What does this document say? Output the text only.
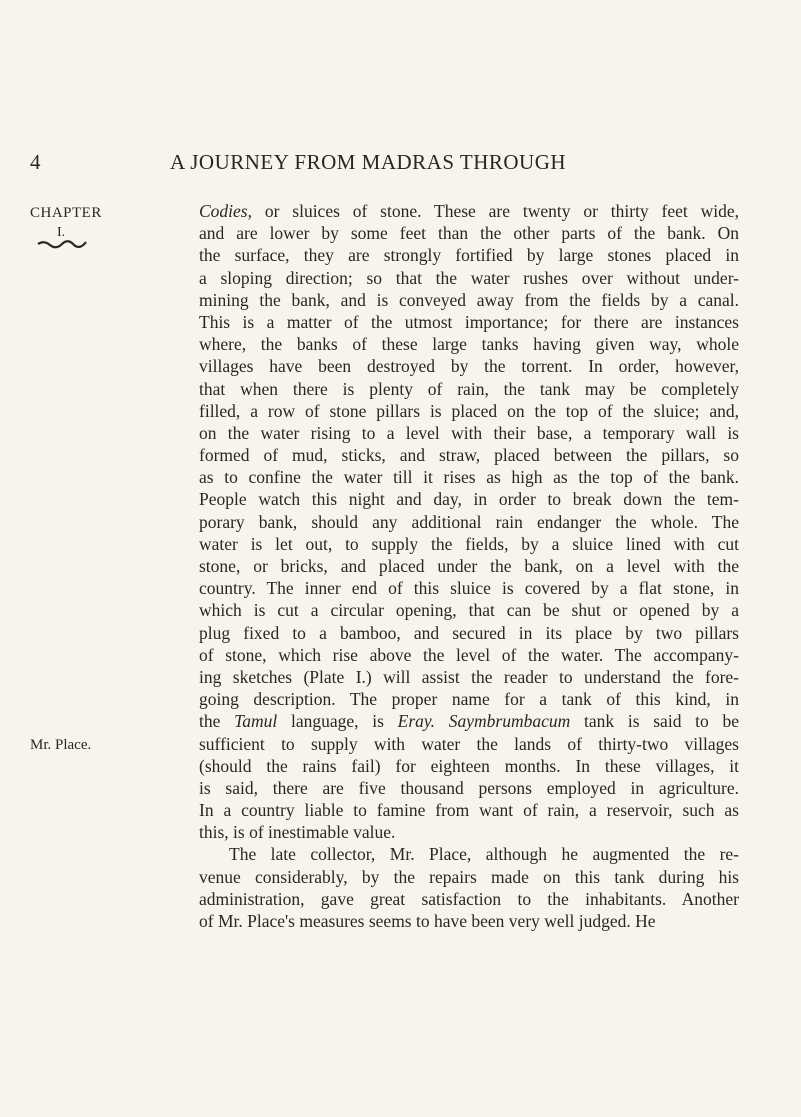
4	A JOURNEY FROM MADRAS THROUGH
CHAPTER
I.
Mr. Place.
Codies, or sluices of stone. These are twenty or thirty feet wide,
and are lower by some feet than the other parts of the bank. On
the surface, they are strongly fortified by large stones placed in
a sloping direction; so that the water rushes over without under-
mining the bank, and is conveyed away from the fields by a canal.
This is a matter of the utmost importance; for there are instances
where, the banks of these large tanks having given way, whole
villages have been destroyed by the torrent. In order, however,
that when there is plenty of rain, the tank may be completely
filled, a row of stone pillars is placed on the top of the sluice; and,
on the water rising to a level with their base, a temporary wall is
formed of mud, sticks, and straw, placed between the pillars, so
as to confine the water till it rises as high as the top of the bank.
People watch this night and day, in order to break down the tem-
porary bank, should any additional rain endanger the whole. The
water is let out, to supply the fields, by a sluice lined with cut
stone, or bricks, and placed under the bank, on a level with the
country. The inner end of this sluice is covered by a flat stone, in
which is cut a circular opening, that can be shut or opened by a
plug fixed to a bamboo, and secured in its place by two pillars
of stone, which rise above the level of the water. The accompany-
ing sketches (Plate I.) will assist the reader to understand the fore-
going description. The proper name for a tank of this kind, in
the Tamul language, is Eray. Saymbrumbacum tank is said to be
sufficient to supply with water the lands of thirty-two villages
(should the rains fail) for eighteen months. In these villages, it
is said, there are five thousand persons employed in agriculture.
In a country liable to famine from want of rain, a reservoir, such as
this, is of inestimable value.
The late collector, Mr. Place, although he augmented the re-
venue considerably, by the repairs made on this tank during his
administration, gave great satisfaction to the inhabitants. Another
of Mr. Place's measures seems to have been very well judged. He
